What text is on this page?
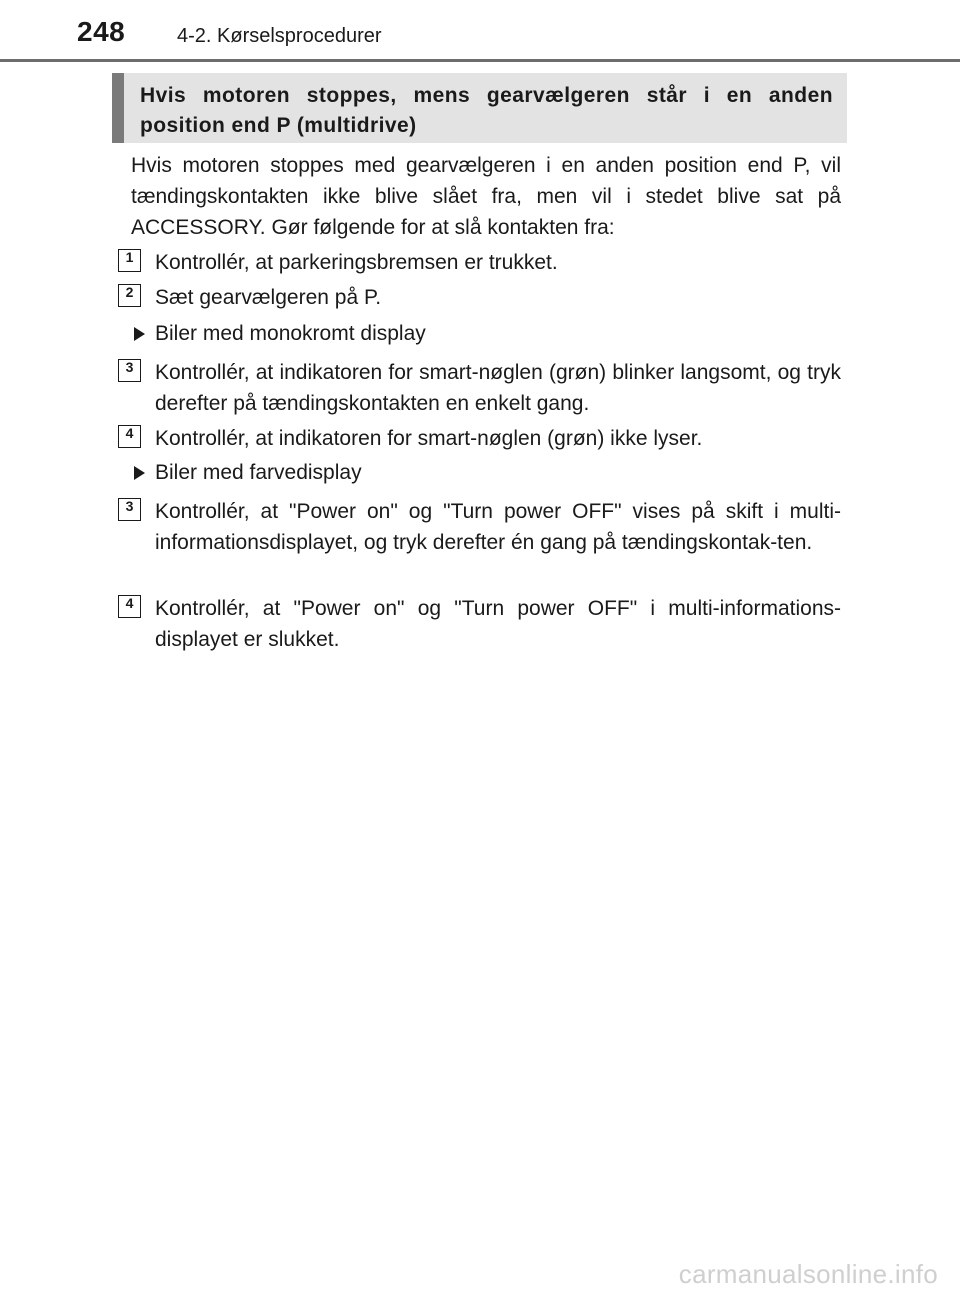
248	4-2. Kørselsprocedurer
Hvis motoren stoppes, mens gearvælgeren står i en anden position end P (multidrive)
Hvis motoren stoppes med gearvælgeren i en anden position end P, vil tændingskontakten ikke blive slået fra, men vil i stedet blive sat på ACCESSORY. Gør følgende for at slå kontakten fra:
1	Kontrollér, at parkeringsbremsen er trukket.
2	Sæt gearvælgeren på P.
Biler med monokromt display
3	Kontrollér, at indikatoren for smart-nøglen (grøn) blinker langsomt, og tryk derefter på tændingskontakten en enkelt gang.
4	Kontrollér, at indikatoren for smart-nøglen (grøn) ikke lyser.
Biler med farvedisplay
3	Kontrollér, at "Power on" og "Turn power OFF" vises på skift i multi-informationsdisplayet, og tryk derefter én gang på tændingskontak-ten.
4	Kontrollér, at "Power on" og "Turn power OFF" i multi-informations-displayet er slukket.
carmanualsonline.info
